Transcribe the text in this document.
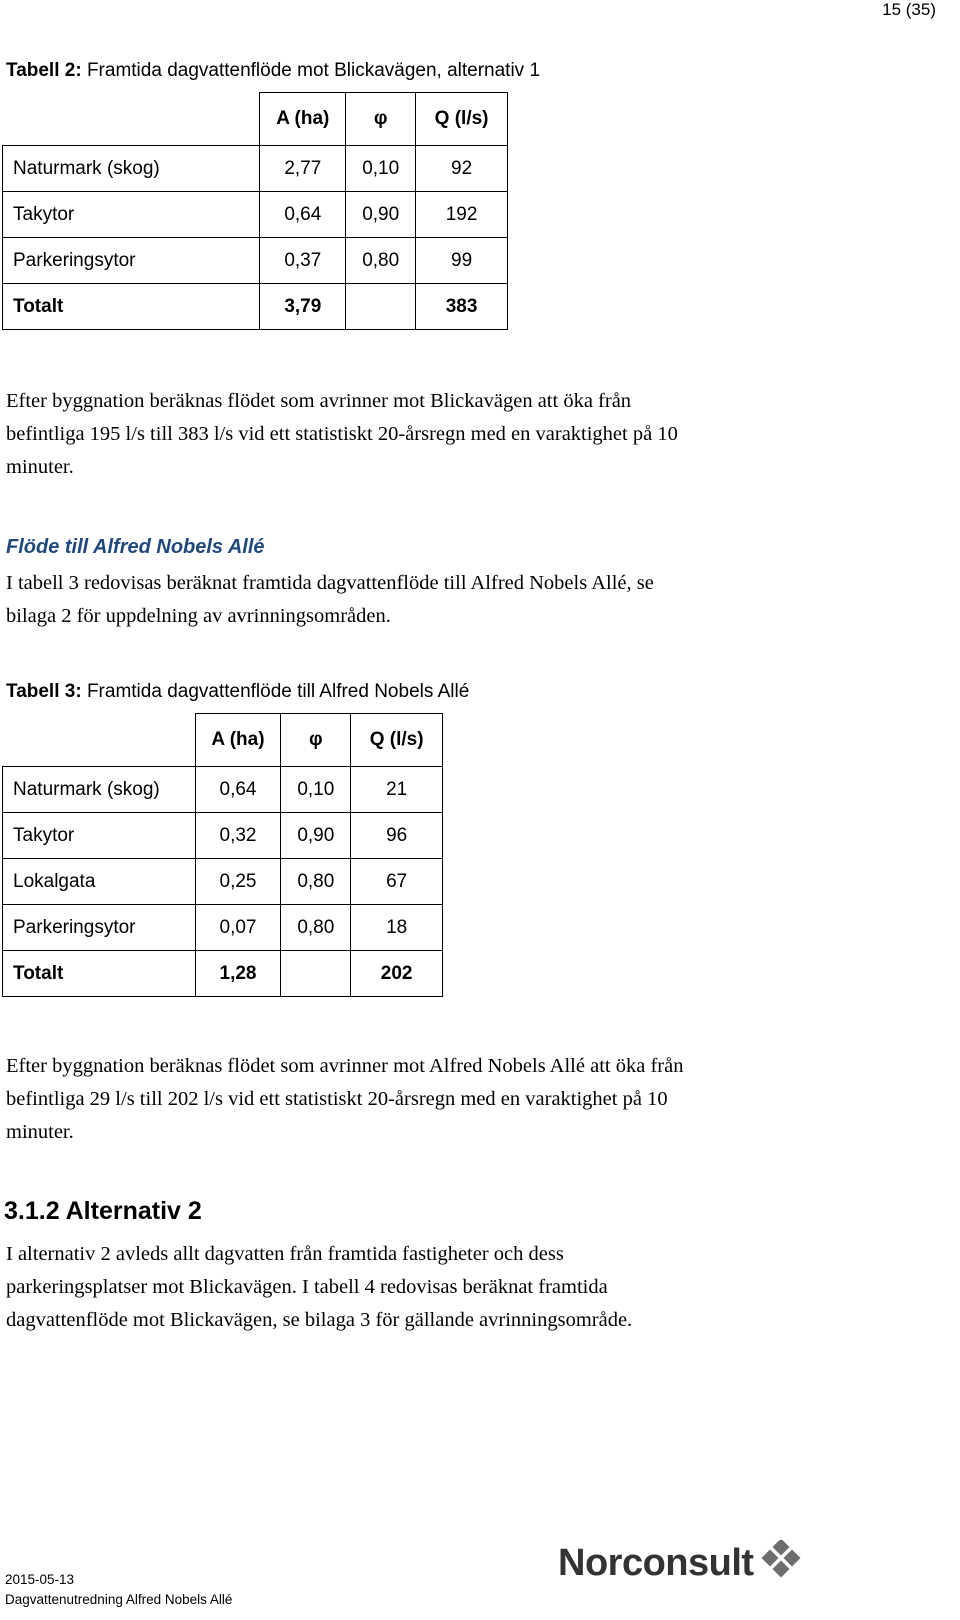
15 (35)
Tabell 2: Framtida dagvattenflöde mot Blickavägen, alternativ 1
	A (ha)	φ	Q (l/s)
Naturmark (skog)	2,77	0,10	92
Takytor	0,64	0,90	192
Parkeringsytor	0,37	0,80	99
Totalt	3,79		383
Efter byggnation beräknas flödet som avrinner mot Blickavägen att öka från
befintliga 195 l/s till 383 l/s vid ett statistiskt 20-årsregn med en varaktighet på 10
minuter.
Flöde till Alfred Nobels Allé
I tabell 3 redovisas beräknat framtida dagvattenflöde till Alfred Nobels Allé, se
bilaga 2 för uppdelning av avrinningsområden.
Tabell 3: Framtida dagvattenflöde till Alfred Nobels Allé
	A (ha)	φ	Q (l/s)
Naturmark (skog)	0,64	0,10	21
Takytor	0,32	0,90	96
Lokalgata	0,25	0,80	67
Parkeringsytor	0,07	0,80	18
Totalt	1,28		202
Efter byggnation beräknas flödet som avrinner mot Alfred Nobels Allé att öka från
befintliga 29 l/s till 202 l/s vid ett statistiskt 20-årsregn med en varaktighet på 10
minuter.
3.1.2 Alternativ 2
I alternativ 2 avleds allt dagvatten från framtida fastigheter och dess
parkeringsplatser mot Blickavägen. I tabell 4 redovisas beräknat framtida
dagvattenflöde mot Blickavägen, se bilaga 3 för gällande avrinningsområde.
2015-05-13
Dagvattenutredning Alfred Nobels Allé
Norconsult
